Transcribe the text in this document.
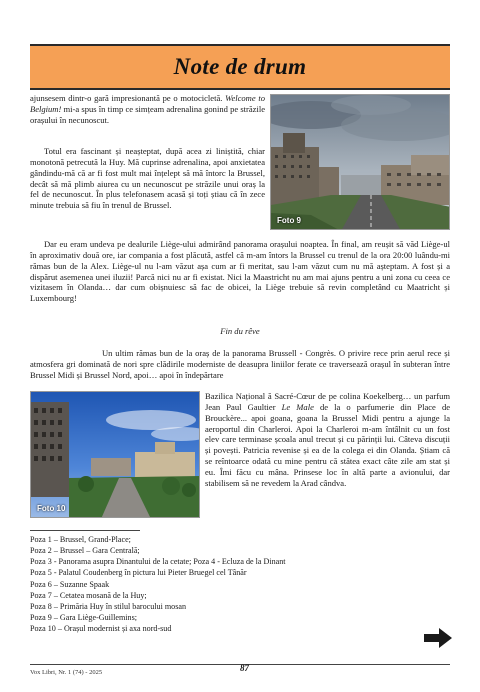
Note de drum
Foto 9
ajunsesem dintr-o gară impresionantă pe o motocicletă. Welcome to Belgium! mi-a spus în timp ce simțeam adrenalina gonind pe străzile orașului în necunoscut.
Totul era fascinant și neașteptat, după acea zi liniștită, chiar monotonă petrecută la Huy. Mă cuprinse adrenalina, apoi anxietatea gândindu-mă că ar fi fost mult mai înțelept să mă întorc la Brussel, decât să mă plimb aiurea cu un necunoscut pe străzile unui oraș la fel de necunoscut. În plus telefonasem acasă și toți știau că în zece minute trebuia să fiu în trenul de Brussel.
Dar eu eram undeva pe dealurile Liège-ului admirând panorama orașului noaptea. În final, am reușit să văd Liège-ul în aproximativ două ore, iar compania a fost plăcută, astfel că m-am întors la Brussel cu trenul de la ora 20:00 luându-mi rămas bun de la Alex. Liège-ul nu l-am văzut așa cum ar fi meritat, sau l-am văzut cum nu mă așteptam. A fost și a dispărut asemenea unei iluzii! Parcă nici nu ar fi existat. Nici la Maastricht nu am mai ajuns pentru a uni zona cu ceea ce vizitasem în Olanda… dar cum obișnuiesc să fac de obicei, la Liège trebuie să revin completând cu Maatricht și Luxembourg!
Fin du rêve
Un ultim rămas bun de la oraș de la panorama Brussell - Congrès. O privire rece prin aerul rece și atmosfera gri dominată de nori spre clădirile moderniste de deasupra liniilor ferate ce traversează orașul în subteran între Brussel Midi și Brussel Nord, apoi… apoi în îndepărtare
Foto 10
Bazilica Național ă Sacré-Cœur de pe colina Koekelberg… un parfum Jean Paul Gaultier Le Male de la o parfumerie din Place de Brouckère... apoi goana, goana la Brussel Midi pentru a ajunge la aeroportul din Charleroi. Apoi la Charleroi m-am întâlnit cu un fost elev care terminase școala anul trecut și cu părinții lui. Câteva discuții și povești. Patricia revenise și ea de la colega ei din Olanda. Știam că se reîntoarce odată cu mine pentru că stătea exact câte zile am stat și eu. Îmi făcu cu mâna. Prinsese loc în altă parte a avionului, dar stabilisem să ne revedem la Arad cândva.
Poza 1 – Brussel, Grand-Place;
Poza 2 – Brussel – Gara Centrală;
Poza 3 - Panorama asupra Dinantului de la cetate; Poza 4 - Ecluza de la Dinant
Poza 5 - Palatul Coudenberg în pictura lui Pieter Bruegel cel Tânăr
Poza 6 – Suzanne Spaak
Poza 7 – Cetatea mosană de la Huy;
Poza 8 – Primăria Huy în stilul barocului mosan
Poza 9 – Gara Liège-Guillemins;
Poza 10 – Orașul modernist și axa nord-sud
Vox Libri, Nr. 1 (74) - 2025	87
